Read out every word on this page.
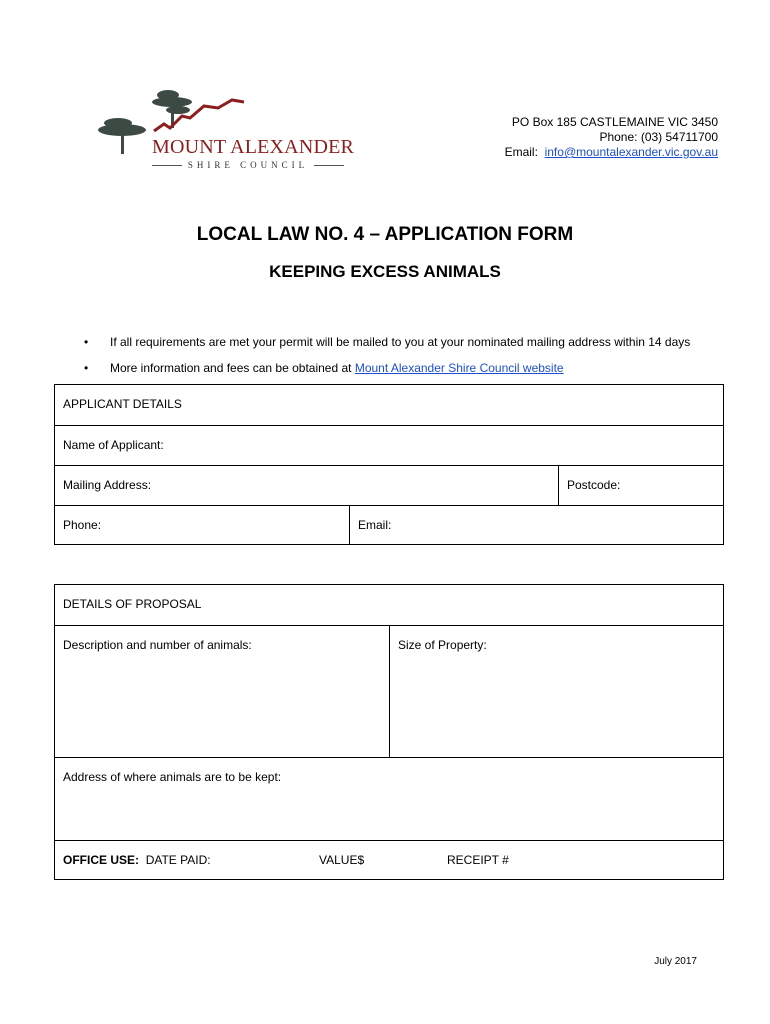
MOUNT ALEXANDER
SHIRE COUNCIL
PO Box 185 CASTLEMAINE VIC 3450
Phone: (03) 54711700
Email: info@mountalexander.vic.gov.au
LOCAL LAW NO. 4 – APPLICATION FORM
KEEPING EXCESS ANIMALS
• If all requirements are met your permit will be mailed to you at your nominated mailing address within 14 days
• More information and fees can be obtained at Mount Alexander Shire Council website
APPLICANT DETAILS
Name of Applicant:
Mailing Address:	Postcode:
Phone:	Email:
DETAILS OF PROPOSAL
Description and number of animals:	Size of Property:
Address of where animals are to be kept:
OFFICE USE: DATE PAID:	VALUE$	RECEIPT #
July 2017
